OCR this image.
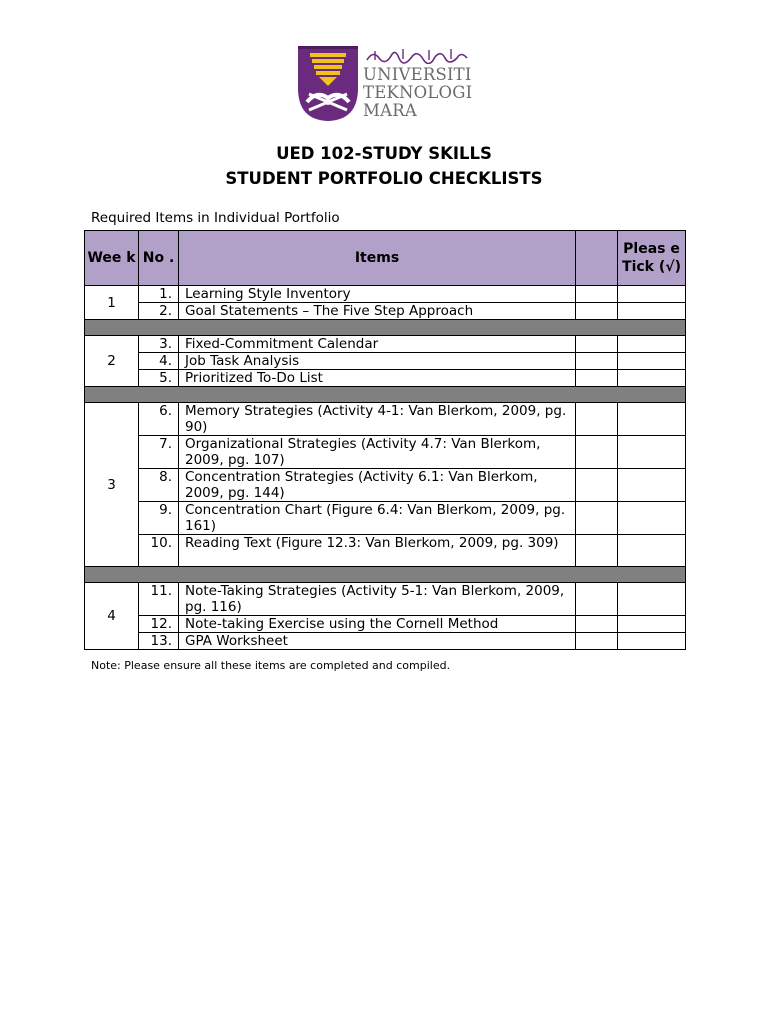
UNIVERSITI
TEKNOLOGI
MARA
UED 102-STUDY SKILLS
STUDENT PORTFOLIO CHECKLISTS
Required Items in Individual Portfolio
Wee k	No .	Items		Pleas e Tick (√)
1	1.	Learning Style Inventory		
	2.	Goal Statements – The Five Step Approach		

2	3.	Fixed-Commitment Calendar		
	4.	Job Task Analysis		
	5.	Prioritized To-Do List		

3	6.	Memory Strategies (Activity 4-1: Van Blerkom, 2009, pg. 90)		
	7.	Organizational Strategies (Activity 4.7: Van Blerkom, 2009, pg. 107)		
	8.	Concentration Strategies (Activity 6.1: Van Blerkom, 2009, pg. 144)		
	9.	Concentration Chart (Figure 6.4: Van Blerkom, 2009, pg. 161)		
	10.	Reading Text (Figure 12.3: Van Blerkom, 2009, pg. 309)		

4	11.	Note-Taking Strategies (Activity 5-1: Van Blerkom, 2009, pg. 116)		
	12.	Note-taking Exercise using the Cornell Method		
	13.	GPA Worksheet		
Note: Please ensure all these items are completed and compiled.
